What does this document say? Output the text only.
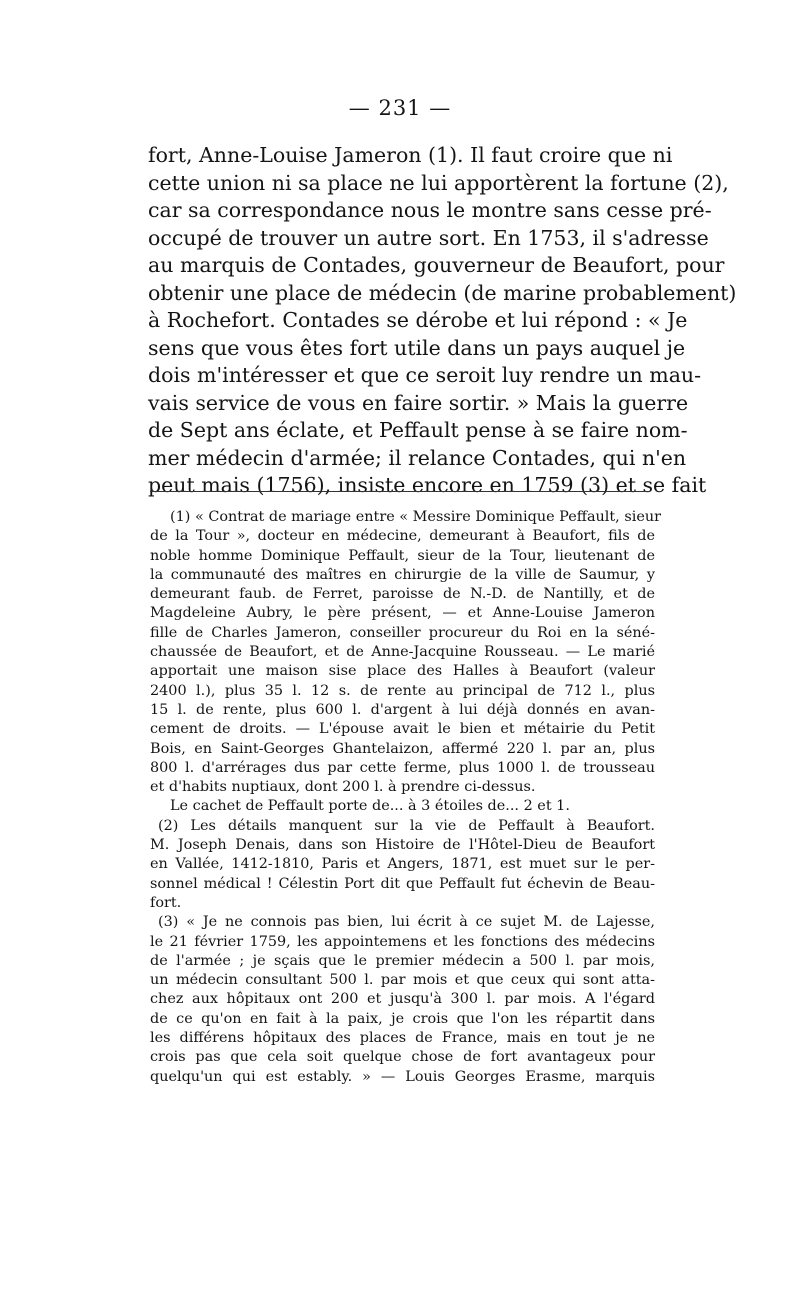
— 231 —
fort, Anne-Louise Jameron (1). Il faut croire que ni
cette union ni sa place ne lui apportèrent la fortune (2),
car sa correspondance nous le montre sans cesse pré-
occupé de trouver un autre sort. En 1753, il s'adresse
au marquis de Contades, gouverneur de Beaufort, pour
obtenir une place de médecin (de marine probablement)
à Rochefort. Contades se dérobe et lui répond : « Je
sens que vous êtes fort utile dans un pays auquel je
dois m'intéresser et que ce seroit luy rendre un mau-
vais service de vous en faire sortir. » Mais la guerre
de Sept ans éclate, et Peffault pense à se faire nom-
mer médecin d'armée; il relance Contades, qui n'en
peut mais (1756), insiste encore en 1759 (3) et se fait
(1) « Contrat de mariage entre « Messire Dominique Peffault, sieur
de la Tour », docteur en médecine, demeurant à Beaufort, fils de
noble homme Dominique Peffault, sieur de la Tour, lieutenant de
la communauté des maîtres en chirurgie de la ville de Saumur, y
demeurant faub. de Ferret, paroisse de N.-D. de Nantilly, et de
Magdeleine Aubry, le père présent, — et Anne-Louise Jameron
fille de Charles Jameron, conseiller procureur du Roi en la séné-
chaussée de Beaufort, et de Anne-Jacquine Rousseau. — Le marié
apportait une maison sise place des Halles à Beaufort (valeur
2400 l.), plus 35 l. 12 s. de rente au principal de 712 l., plus
15 l. de rente, plus 600 l. d'argent à lui déjà donnés en avan-
cement de droits. — L'épouse avait le bien et métairie du Petit
Bois, en Saint-Georges Ghantelaizon, affermé 220 l. par an, plus
800 l. d'arrérages dus par cette ferme, plus 1000 l. de trousseau
et d'habits nuptiaux, dont 200 l. à prendre ci-dessus.
Le cachet de Peffault porte de... à 3 étoiles de... 2 et 1.
(2) Les détails manquent sur la vie de Peffault à Beaufort.
M. Joseph Denais, dans son Histoire de l'Hôtel-Dieu de Beaufort
en Vallée, 1412-1810, Paris et Angers, 1871, est muet sur le per-
sonnel médical ! Célestin Port dit que Peffault fut échevin de Beau-
fort.
(3) « Je ne connois pas bien, lui écrit à ce sujet M. de Lajesse,
le 21 février 1759, les appointemens et les fonctions des médecins
de l'armée ; je sçais que le premier médecin a 500 l. par mois,
un médecin consultant 500 l. par mois et que ceux qui sont atta-
chez aux hôpitaux ont 200 et jusqu'à 300 l. par mois. A l'égard
de ce qu'on en fait à la paix, je crois que l'on les répartit dans
les différens hôpitaux des places de France, mais en tout je ne
crois pas que cela soit quelque chose de fort avantageux pour
quelqu'un qui est estably. » — Louis Georges Erasme, marquis
